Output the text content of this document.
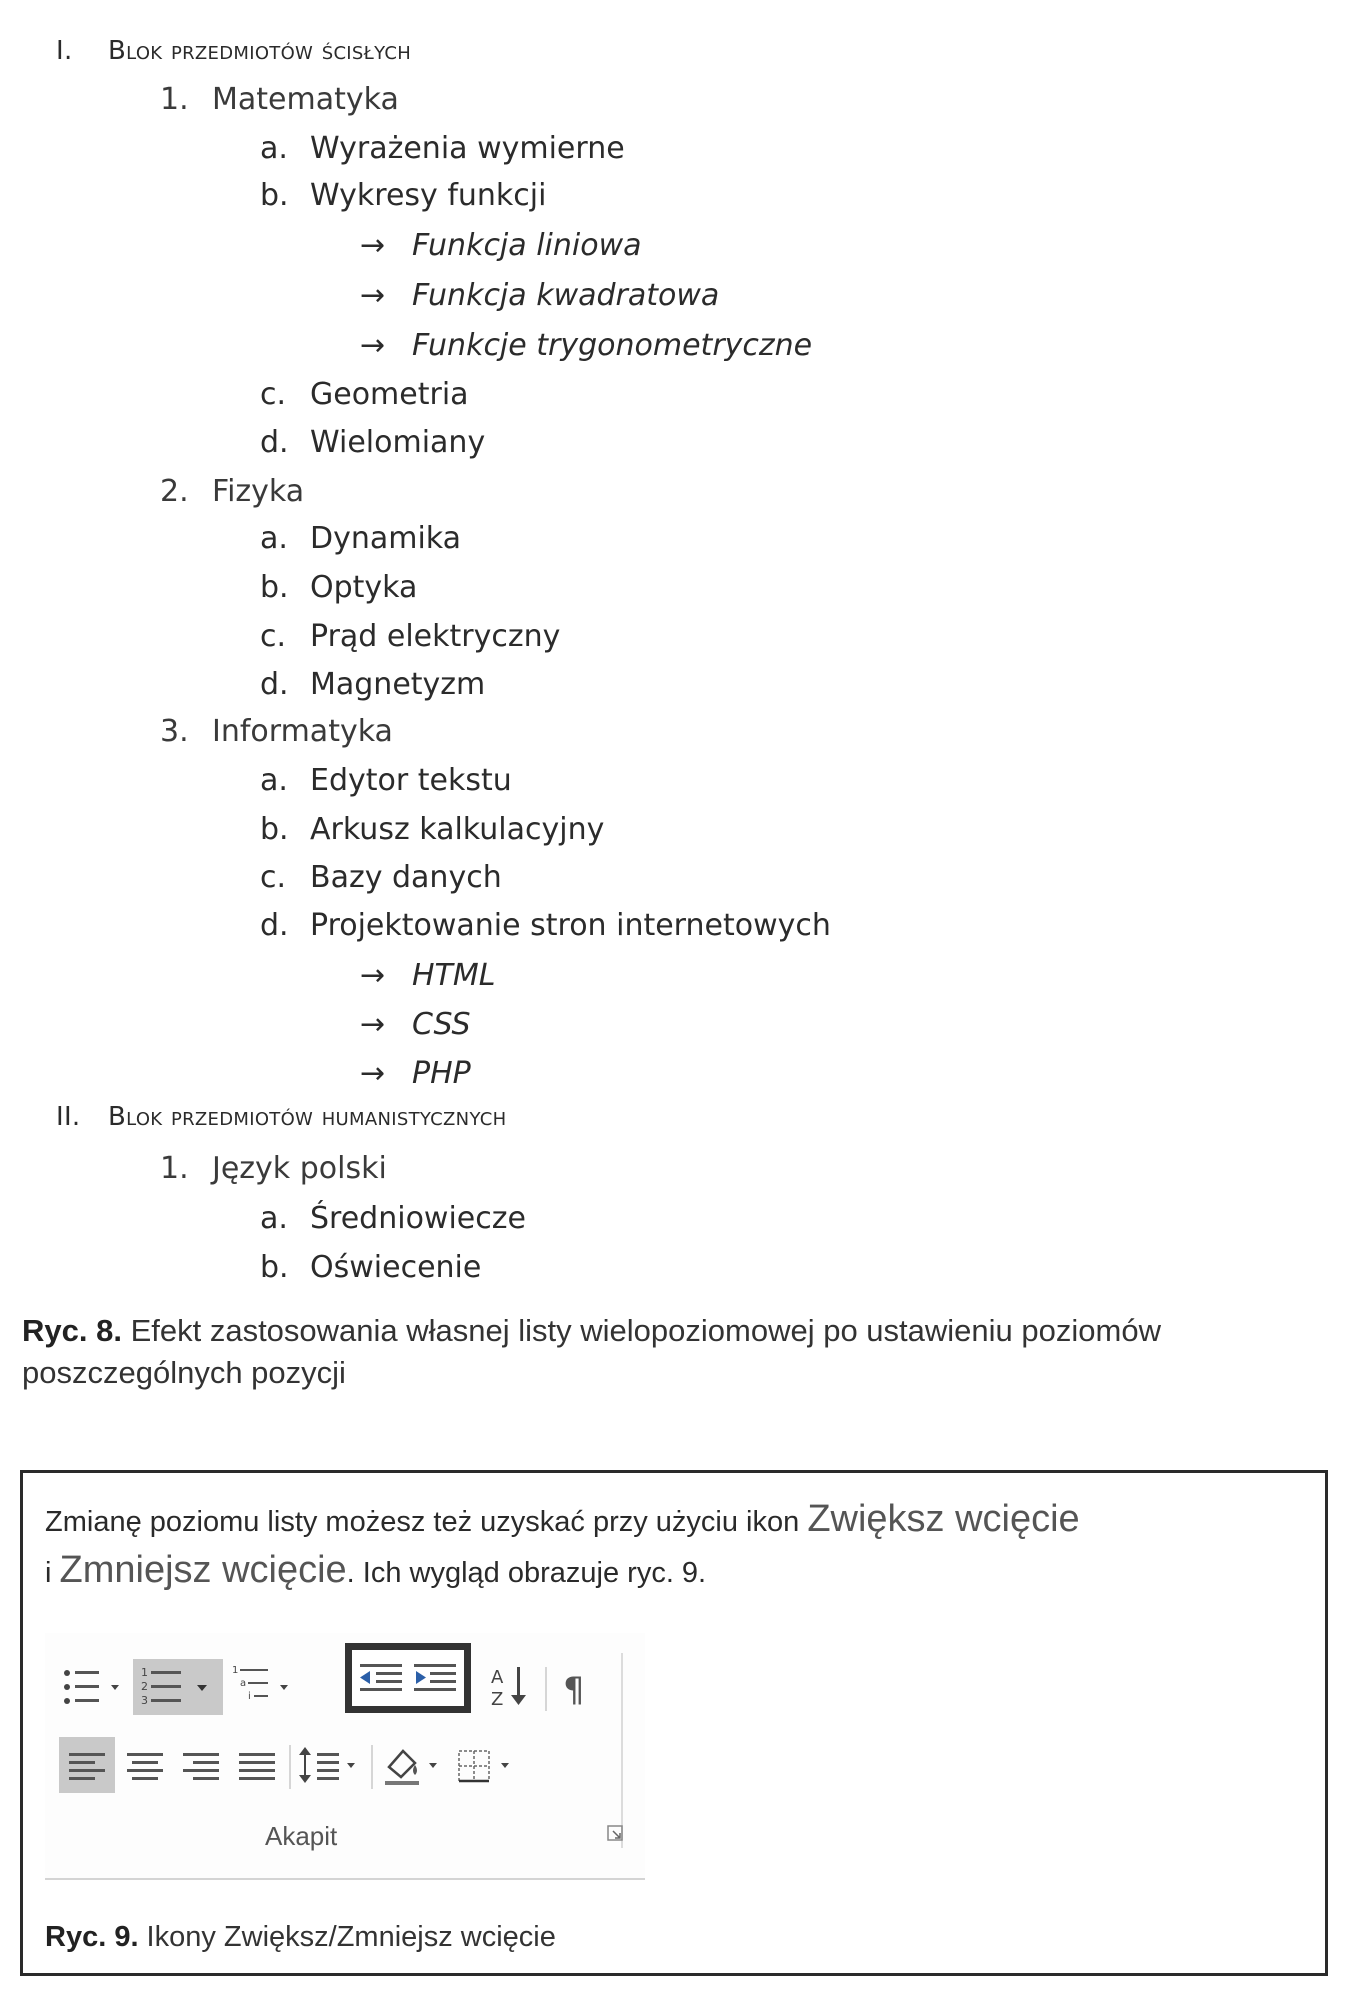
I. Blok przedmiotów ścisłych
1. Matematyka
a. Wyrażenia wymierne
b. Wykresy funkcji
→ Funkcja liniowa
→ Funkcja kwadratowa
→ Funkcje trygonometryczne
c. Geometria
d. Wielomiany
2. Fizyka
a. Dynamika
b. Optyka
c. Prąd elektryczny
d. Magnetyzm
3. Informatyka
a. Edytor tekstu
b. Arkusz kalkulacyjny
c. Bazy danych
d. Projektowanie stron internetowych
→ HTML
→ CSS
→ PHP
II. Blok przedmiotów humanistycznych
1. Język polski
a. Średniowiecze
b. Oświecenie
Ryc. 8. Efekt zastosowania własnej listy wielopoziomowej po ustawieniu poziomów poszczególnych pozycji
Zmianę poziomu listy możesz też uzyskać przy użyciu ikon Zwiększ wcięcie
i Zmniejsz wcięcie. Ich wygląd obrazuje ryc. 9.
1
2
3
1
a
i
A
Z ¶
Akapit
Ryc. 9. Ikony Zwiększ/Zmniejsz wcięcie
